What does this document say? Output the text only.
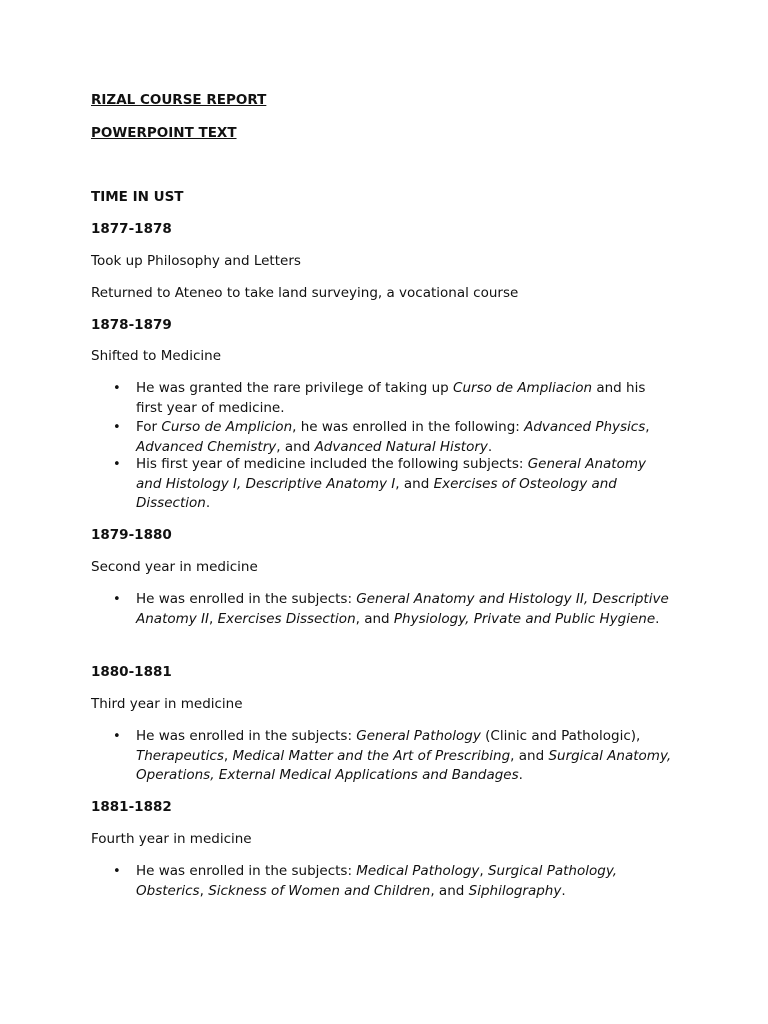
RIZAL COURSE REPORT
POWERPOINT TEXT
TIME IN UST
1877-1878
Took up Philosophy and Letters
Returned to Ateneo to take land surveying, a vocational course
1878-1879
Shifted to Medicine
•	He was granted the rare privilege of taking up Curso de Ampliacion and his first year of medicine.
•	For Curso de Amplicion, he was enrolled in the following: Advanced Physics, Advanced Chemistry, and Advanced Natural History.
•	His first year of medicine included the following subjects: General Anatomy and Histology I, Descriptive Anatomy I, and Exercises of Osteology and Dissection.
1879-1880
Second year in medicine
•	He was enrolled in the subjects: General Anatomy and Histology II, Descriptive Anatomy II, Exercises Dissection, and Physiology, Private and Public Hygiene.
1880-1881
Third year in medicine
•	He was enrolled in the subjects: General Pathology (Clinic and Pathologic), Therapeutics, Medical Matter and the Art of Prescribing, and Surgical Anatomy, Operations, External Medical Applications and Bandages.
1881-1882
Fourth year in medicine
•	He was enrolled in the subjects: Medical Pathology, Surgical Pathology, Obsterics, Sickness of Women and Children, and Siphilography.
